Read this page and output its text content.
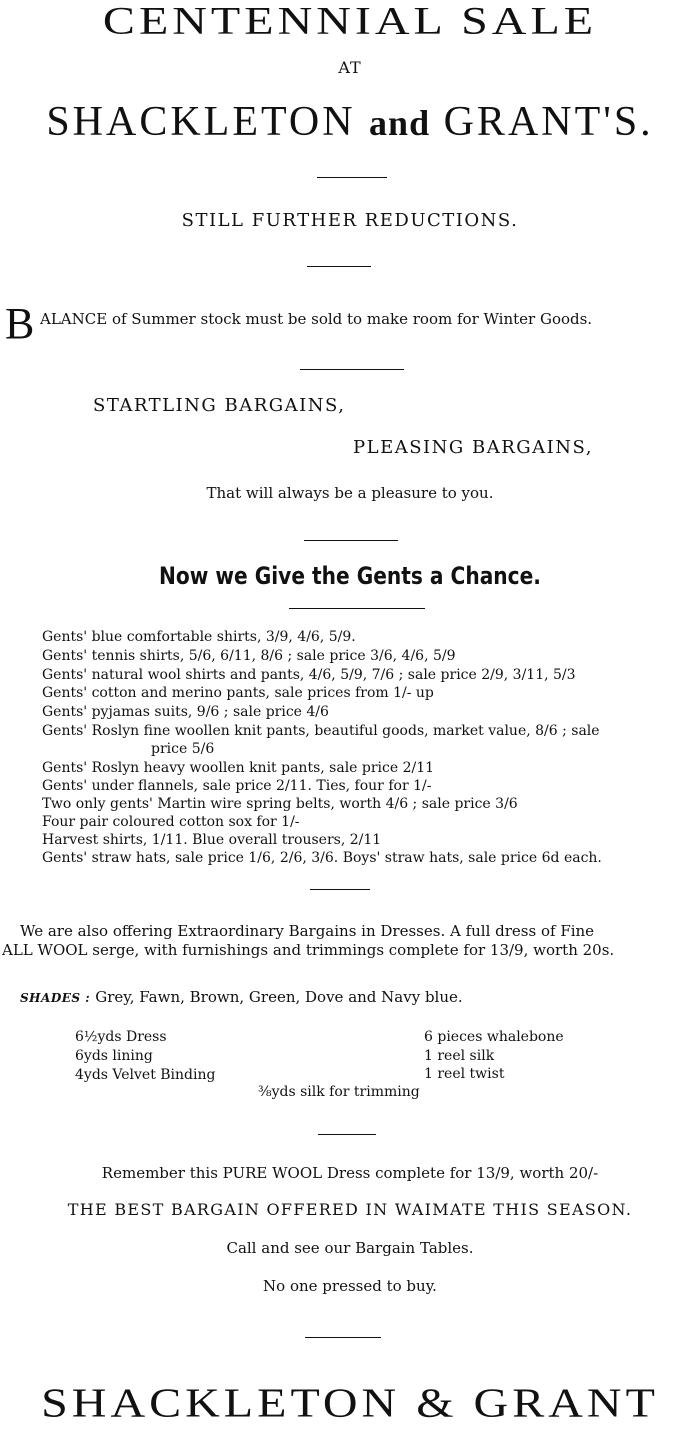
CENTENNIAL SALE
AT
SHACKLETON and GRANT'S.
STILL FURTHER REDUCTIONS.
B ALANCE of Summer stock must be sold to make room for Winter Goods.
STARTLING BARGAINS,
PLEASING BARGAINS,
That will always be a pleasure to you.
Now we Give the Gents a Chance.
Gents' blue comfortable shirts, 3/9, 4/6, 5/9.
Gents' tennis shirts, 5/6, 6/11, 8/6 ; sale price 3/6, 4/6, 5/9
Gents' natural wool shirts and pants, 4/6, 5/9, 7/6 ; sale price 2/9, 3/11, 5/3
Gents' cotton and merino pants, sale prices from 1/- up
Gents' pyjamas suits, 9/6 ; sale price 4/6
Gents' Roslyn fine woollen knit pants, beautiful goods, market value, 8/6 ; sale
price 5/6
Gents' Roslyn heavy woollen knit pants, sale price 2/11
Gents' under flannels, sale price 2/11. Ties, four for 1/-
Two only gents' Martin wire spring belts, worth 4/6 ; sale price 3/6
Four pair coloured cotton sox for 1/-
Harvest shirts, 1/11. Blue overall trousers, 2/11
Gents' straw hats, sale price 1/6, 2/6, 3/6. Boys' straw hats, sale price 6d each.
We are also offering Extraordinary Bargains in Dresses. A full dress of Fine
ALL WOOL serge, with furnishings and trimmings complete for 13/9, worth 20s.
SHADES : Grey, Fawn, Brown, Green, Dove and Navy blue.
6½yds Dress
6yds lining
4yds Velvet Binding
6 pieces whalebone
1 reel silk
1 reel twist
⅜yds silk for trimming
Remember this PURE WOOL Dress complete for 13/9, worth 20/-
THE BEST BARGAIN OFFERED IN WAIMATE THIS SEASON.
Call and see our Bargain Tables.
No one pressed to buy.
SHACKLETON & GRANT
